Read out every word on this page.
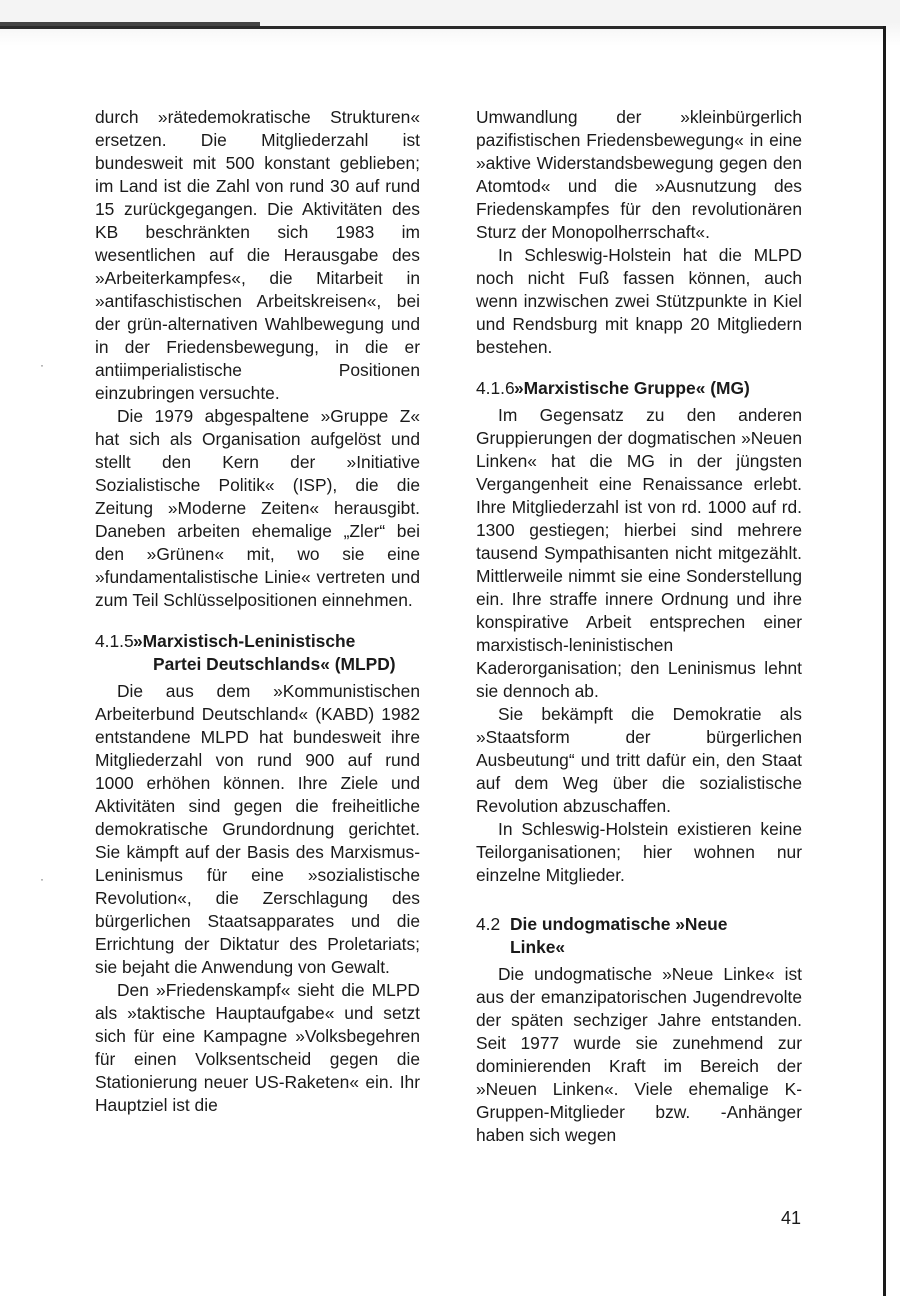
·
·

durch »rätedemokratische Strukturen« ersetzen. Die Mitgliederzahl ist bundesweit mit 500 konstant geblieben; im Land ist die Zahl von rund 30 auf rund 15 zurückgegangen. Die Aktivitäten des KB beschränkten sich 1983 im wesentlichen auf die Herausgabe des »Arbeiterkampfes«, die Mitarbeit in »antifaschistischen Arbeitskreisen«, bei der grün-alternativen Wahlbewegung und in der Friedensbewegung, in die er antiimperialistische Positionen einzubringen versuchte.

Die 1979 abgespaltene »Gruppe Z« hat sich als Organisation aufgelöst und stellt den Kern der »Initiative Sozialistische Politik« (ISP), die die Zeitung »Moderne Zeiten« herausgibt. Daneben arbeiten ehemalige „Zler“ bei den »Grünen« mit, wo sie eine »fundamentalistische Linie« vertreten und zum Teil Schlüsselpositionen einnehmen.

4.1.5»Marxistisch-Leninistische
Partei Deutschlands« (MLPD)

Die aus dem »Kommunistischen Arbeiterbund Deutschland« (KABD) 1982 entstandene MLPD hat bundesweit ihre Mitgliederzahl von rund 900 auf rund 1000 erhöhen können. Ihre Ziele und Aktivitäten sind gegen die freiheitliche demokratische Grundordnung gerichtet. Sie kämpft auf der Basis des Marxismus-Leninismus für eine »sozialistische Revolution«, die Zerschlagung des bürgerlichen Staatsapparates und die Errichtung der Diktatur des Proletariats; sie bejaht die Anwendung von Gewalt.

Den »Friedenskampf« sieht die MLPD als »taktische Hauptaufgabe« und setzt sich für eine Kampagne »Volksbegehren für einen Volksentscheid gegen die Stationierung neuer US-Raketen« ein. Ihr Hauptziel ist die

Umwandlung der »kleinbürgerlich pazifistischen Friedensbewegung« in eine »aktive Widerstandsbewegung gegen den Atomtod« und die »Ausnutzung des Friedenskampfes für den revolutionären Sturz der Monopolherrschaft«.

In Schleswig-Holstein hat die MLPD noch nicht Fuß fassen können, auch wenn inzwischen zwei Stützpunkte in Kiel und Rendsburg mit knapp 20 Mitgliedern bestehen.

4.1.6»Marxistische Gruppe« (MG)

Im Gegensatz zu den anderen Gruppierungen der dogmatischen »Neuen Linken« hat die MG in der jüngsten Vergangenheit eine Renaissance erlebt. Ihre Mitgliederzahl ist von rd. 1000 auf rd. 1300 gestiegen; hierbei sind mehrere tausend Sympathisanten nicht mitgezählt. Mittlerweile nimmt sie eine Sonderstellung ein. Ihre straffe innere Ordnung und ihre konspirative Arbeit entsprechen einer marxistisch-leninistischen Kaderorganisation; den Leninismus lehnt sie dennoch ab.

Sie bekämpft die Demokratie als »Staatsform der bürgerlichen Ausbeutung“ und tritt dafür ein, den Staat auf dem Weg über die sozialistische Revolution abzuschaffen.

In Schleswig-Holstein existieren keine Teilorganisationen; hier wohnen nur einzelne Mitglieder.

4.2 Die undogmatische »Neue
Linke«

Die undogmatische »Neue Linke« ist aus der emanzipatorischen Jugendrevolte der späten sechziger Jahre entstanden. Seit 1977 wurde sie zunehmend zur dominierenden Kraft im Bereich der »Neuen Linken«. Viele ehemalige K-Gruppen-Mitglieder bzw. -Anhänger haben sich wegen

41
